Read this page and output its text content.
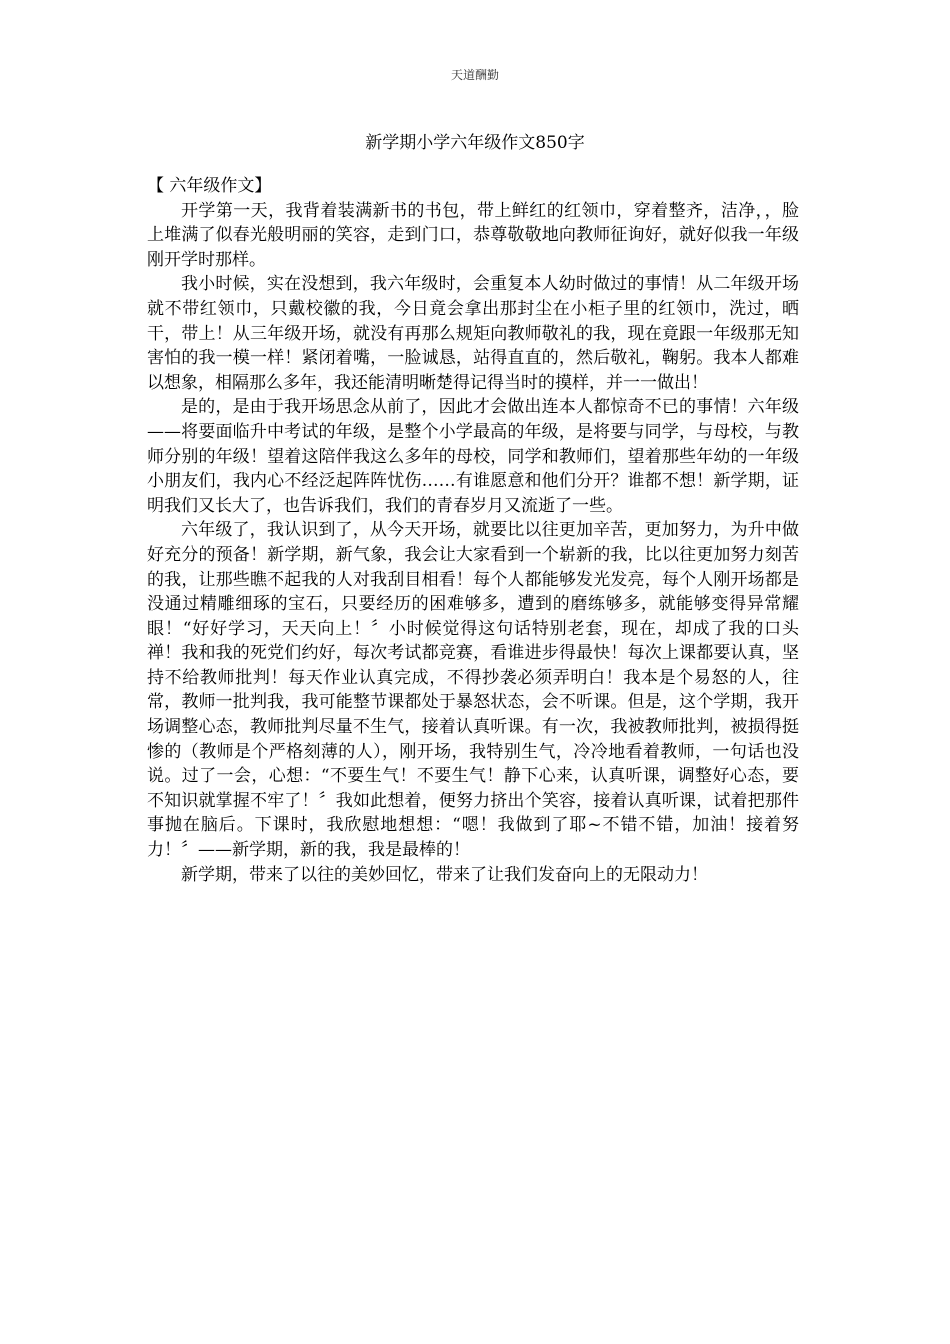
天道酬勤
新学期小学六年级作文850字

【 六年级作文】

开学第一天，我背着装满新书的书包，带上鲜红的红领巾，穿着整齐，洁净，，脸上堆满了似春光般明丽的笑容，走到门口，恭尊敬敬地向教师征询好，就好似我一年级刚开学时那样。

我小时候，实在没想到，我六年级时，会重复本人幼时做过的事情！从二年级开场就不带红领巾，只戴校徽的我，今日竟会拿出那封尘在小柜子里的红领巾，洗过，晒干，带上！从三年级开场，就没有再那么规矩向教师敬礼的我，现在竟跟一年级那无知害怕的我一模一样！紧闭着嘴，一脸诚恳，站得直直的，然后敬礼，鞠躬。我本人都难以想象，相隔那么多年，我还能清明晰楚得记得当时的摸样，并一一做出！

是的，是由于我开场思念从前了，因此才会做出连本人都惊奇不已的事情！六年级——将要面临升中考试的年级，是整个小学最高的年级，是将要与同学，与母校，与教师分别的年级！望着这陪伴我这么多年的母校，同学和教师们，望着那些年幼的一年级小朋友们，我内心不经泛起阵阵忧伤……有谁愿意和他们分开？谁都不想！新学期，证明我们又长大了，也告诉我们，我们的青春岁月又流逝了一些。

六年级了，我认识到了，从今天开场，就要比以往更加辛苦，更加努力，为升中做好充分的预备！新学期，新气象，我会让大家看到一个崭新的我，比以往更加努力刻苦的我，让那些瞧不起我的人对我刮目相看！每个人都能够发光发亮，每个人刚开场都是没通过精雕细琢的宝石，只要经历的困难够多，遭到的磨练够多，就能够变得异常耀眼！“好好学习，天天向上！〞小时候觉得这句话特别老套，现在，却成了我的口头禅！我和我的死党们约好，每次考试都竞赛，看谁进步得最快！每次上课都要认真，坚持不给教师批判！每天作业认真完成，不得抄袭必须弄明白！我本是个易怒的人，往常，教师一批判我，我可能整节课都处于暴怒状态，会不听课。但是，这个学期，我开场调整心态，教师批判尽量不生气，接着认真听课。有一次，我被教师批判，被损得挺惨的（教师是个严格刻薄的人），刚开场，我特别生气，冷冷地看着教师，一句话也没说。过了一会，心想：“不要生气！不要生气！静下心来，认真听课，调整好心态，要不知识就掌握不牢了！〞我如此想着，便努力挤出个笑容，接着认真听课，试着把那件事抛在脑后。下课时，我欣慰地想想：“嗯！我做到了耶~不错不错，加油！接着努力！〞——新学期，新的我，我是最棒的！

新学期，带来了以往的美妙回忆，带来了让我们发奋向上的无限动力！
